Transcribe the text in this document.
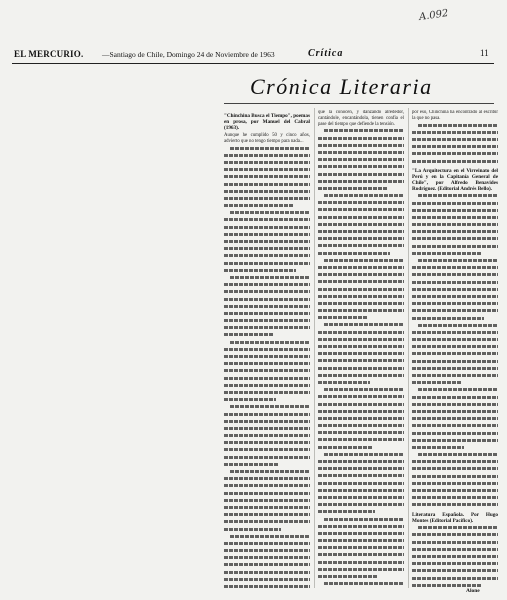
A.092
EL MERCURIO. —Santiago de Chile, Domingo 24 de Noviembre de 1963	Crítica	11
Crónica Literaria
"Chinchina Busca el Tiempo", poemas en prosa, por Manuel del Cabral (1963).
Aunque he cumplido 50 y cinco años, advierto que no tengo tiempo para nada...
que la conocen, y danzando alrededor, cantándole, encantándola, tienen confia el pase del tiempo que defiende la tensión.
por eso, Chinchina ha encontrado al escribir la que no pasa.
"La Arquitectura en el Virreinato del Perú y en la Capitanía General de Chile", por Alfredo Benavides Rodríguez. (Editorial Andrés Bello).
Literatura Española. Por Hugo Montes (Editorial Pacífico).
Alone
